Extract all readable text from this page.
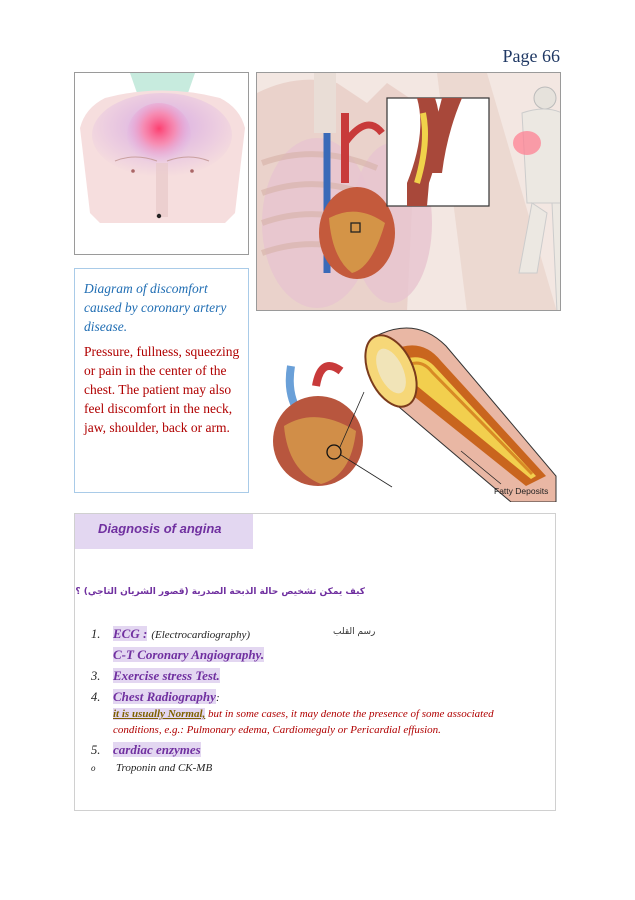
Page 66
Diagram of discomfort caused by coronary artery disease.
Pressure, fullness, squeezing or pain in the center of the chest. The patient may also feel discomfort in the neck, jaw, shoulder, back or arm.
Fatty Deposits
Diagnosis of angina
كيف يمكن تشخيص حالة الذبحة الصدرية (قصور الشريان التاجي) ؟
1. ECG : (Electrocardiography)	رسم القلب
C-T Coronary Angiography.
3. Exercise stress Test.
4. Chest Radiography:
it is usually Normal, but in some cases, it may denote the presence of some associated conditions, e.g.: Pulmonary edema, Cardiomegaly or Pericardial effusion.
5. cardiac enzymes
o Troponin and CK-MB
